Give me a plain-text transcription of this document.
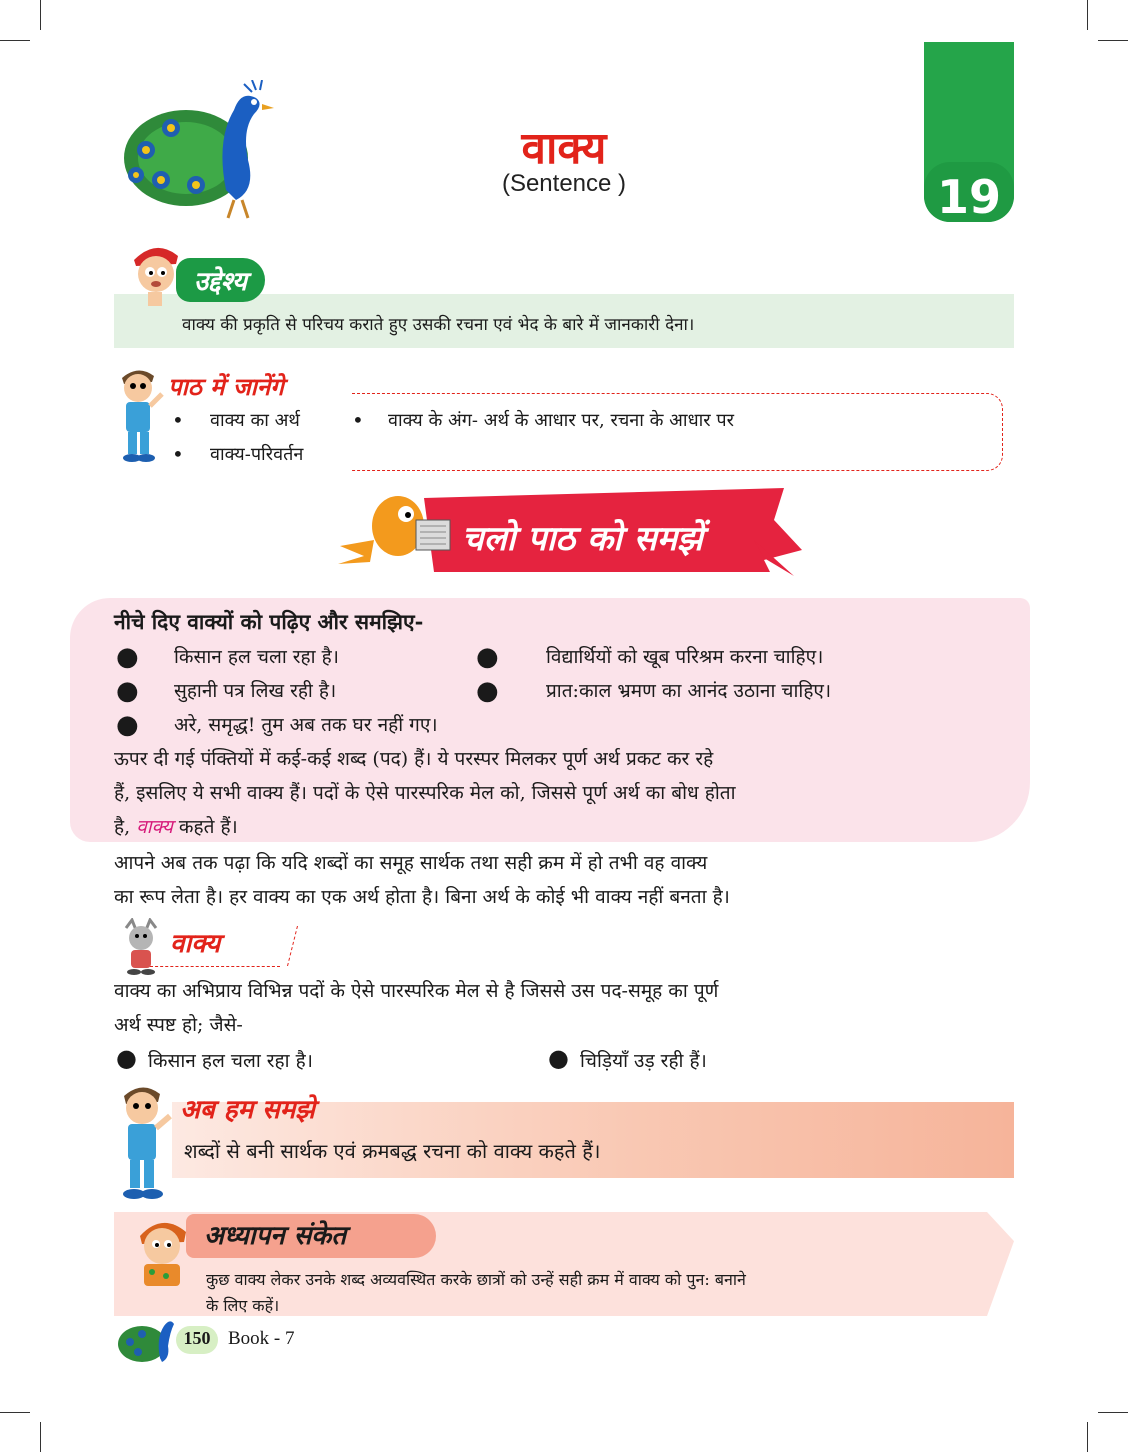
वाक्य
(Sentence )	19
उद्देश्य
वाक्य की प्रकृति से परिचय कराते हुए उसकी रचना एवं भेद के बारे में जानकारी देना।
पाठ में जानेंगे
• वाक्य का अर्थ	• वाक्य के अंग- अर्थ के आधार पर, रचना के आधार पर
• वाक्य-परिवर्तन
चलो पाठ को समझें
नीचे दिए वाक्यों को पढ़िए और समझिए-
● किसान हल चला रहा है।	● विद्यार्थियों को खूब परिश्रम करना चाहिए।
● सुहानी पत्र लिख रही है।	● प्रात:काल भ्रमण का आनंद उठाना चाहिए।
● अरे, समृद्ध! तुम अब तक घर नहीं गए।
ऊपर दी गई पंक्तियों में कई-कई शब्द (पद) हैं। ये परस्पर मिलकर पूर्ण अर्थ प्रकट कर रहे
हैं, इसलिए ये सभी वाक्य हैं। पदों के ऐसे पारस्परिक मेल को, जिससे पूर्ण अर्थ का बोध होता
है, वाक्य कहते हैं।
आपने अब तक पढ़ा कि यदि शब्दों का समूह सार्थक तथा सही क्रम में हो तभी वह वाक्य
का रूप लेता है। हर वाक्य का एक अर्थ होता है। बिना अर्थ के कोई भी वाक्य नहीं बनता है।
वाक्य
वाक्य का अभिप्राय विभिन्न पदों के ऐसे पारस्परिक मेल से है जिससे उस पद-समूह का पूर्ण
अर्थ स्पष्ट हो; जैसे-
● किसान हल चला रहा है।	● चिड़ियाँ उड़ रही हैं।
अब हम समझे
शब्दों से बनी सार्थक एवं क्रमबद्ध रचना को वाक्य कहते हैं।
अध्यापन संकेत
कुछ वाक्य लेकर उनके शब्द अव्यवस्थित करके छात्रों को उन्हें सही क्रम में वाक्य को पुन: बनाने
के लिए कहें।
150 Book - 7
